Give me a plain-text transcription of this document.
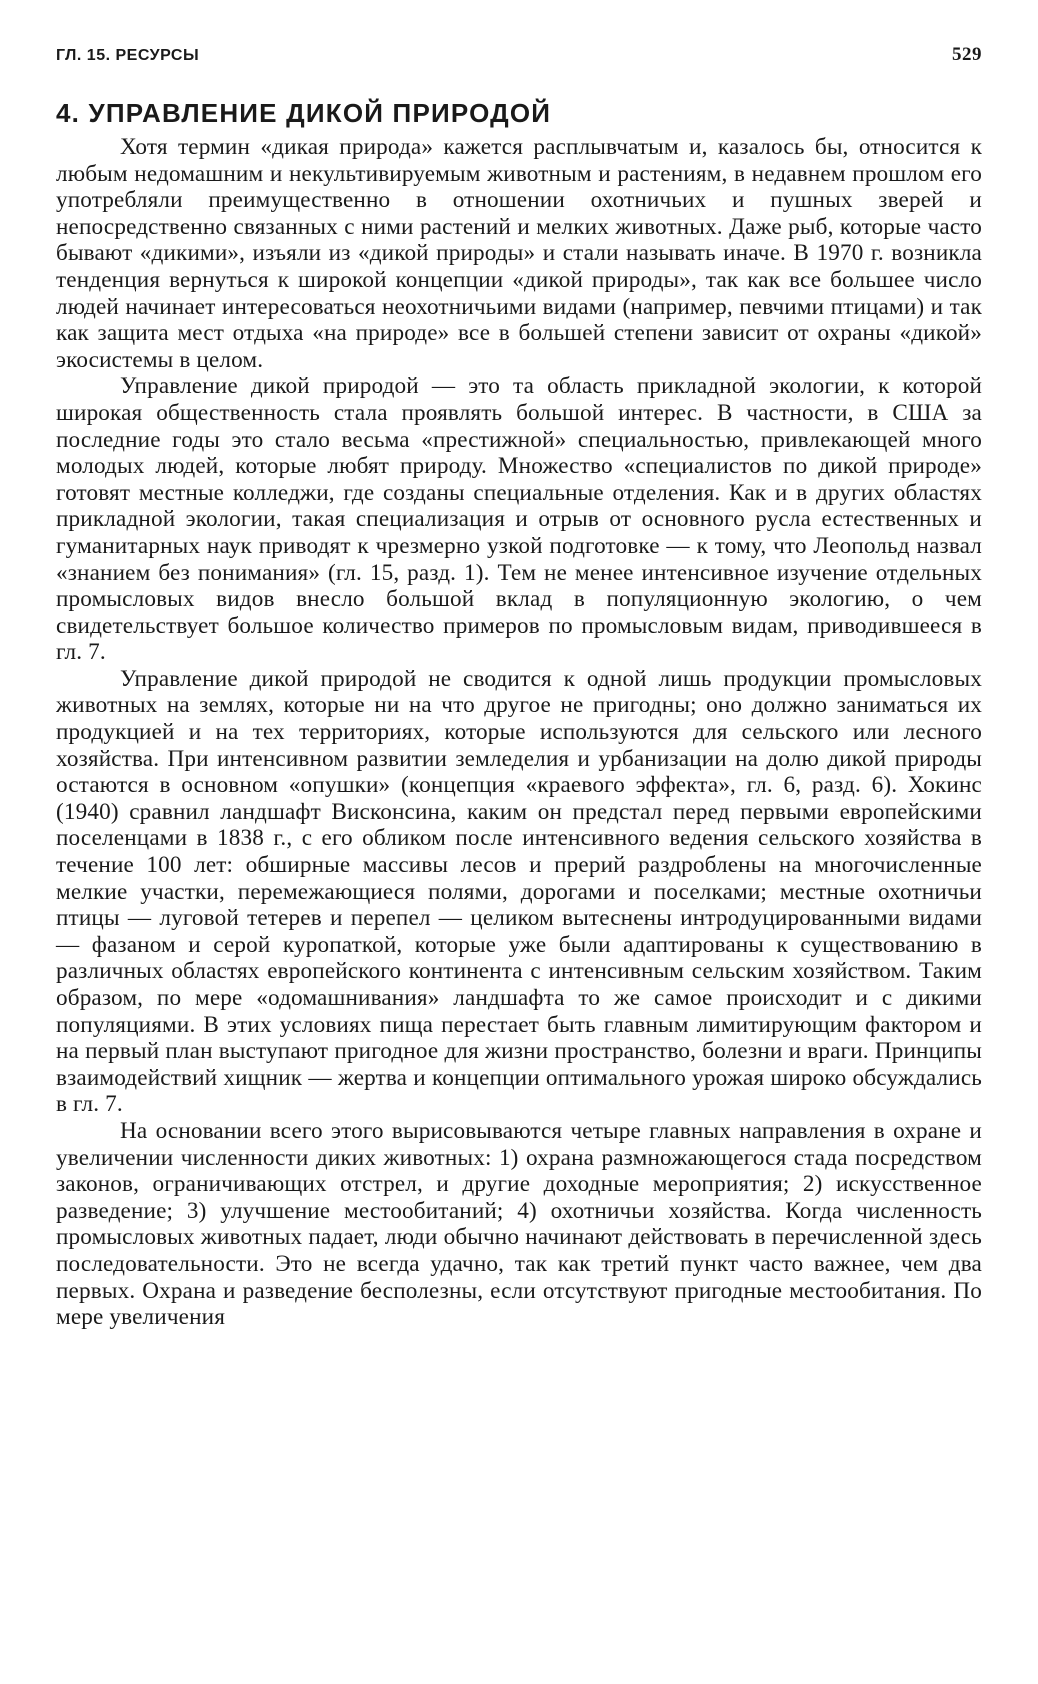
ГЛ. 15. РЕСУРСЫ	529
4. УПРАВЛЕНИЕ ДИКОЙ ПРИРОДОЙ

Хотя термин «дикая природа» кажется расплывчатым и, казалось бы, относится к любым недомашним и некультивируемым животным и растениям, в недавнем прошлом его употребляли преимущественно в отношении охотничьих и пушных зверей и непосредственно связанных с ними растений и мелких животных. Даже рыб, которые часто бывают «дикими», изъяли из «дикой природы» и стали называть иначе. В 1970 г. возникла тенденция вернуться к широкой концепции «дикой природы», так как все большее число людей начинает интересоваться неохотничьими видами (например, певчими птицами) и так как защита мест отдыха «на природе» все в большей степени зависит от охраны «дикой» экосистемы в целом.

Управление дикой природой — это та область прикладной экологии, к которой широкая общественность стала проявлять большой интерес. В частности, в США за последние годы это стало весьма «престижной» специальностью, привлекающей много молодых людей, которые любят природу. Множество «специалистов по дикой природе» готовят местные колледжи, где созданы специальные отделения. Как и в других областях прикладной экологии, такая специализация и отрыв от основного русла естественных и гуманитарных наук приводят к чрезмерно узкой подготовке — к тому, что Леопольд назвал «знанием без понимания» (гл. 15, разд. 1). Тем не менее интенсивное изучение отдельных промысловых видов внесло большой вклад в популяционную экологию, о чем свидетельствует большое количество примеров по промысловым видам, приводившееся в гл. 7.

Управление дикой природой не сводится к одной лишь продукции промысловых животных на землях, которые ни на что другое не пригодны; оно должно заниматься их продукцией и на тех территориях, которые используются для сельского или лесного хозяйства. При интенсивном развитии земледелия и урбанизации на долю дикой природы остаются в основном «опушки» (концепция «краевого эффекта», гл. 6, разд. 6). Хокинс (1940) сравнил ландшафт Висконсина, каким он предстал перед первыми европейскими поселенцами в 1838 г., с его обликом после интенсивного ведения сельского хозяйства в течение 100 лет: обширные массивы лесов и прерий раздроблены на многочисленные мелкие участки, перемежающиеся полями, дорогами и поселками; местные охотничьи птицы — луговой тетерев и перепел — целиком вытеснены интродуцированными видами — фазаном и серой куропаткой, которые уже были адаптированы к существованию в различных областях европейского континента с интенсивным сельским хозяйством. Таким образом, по мере «одомашнивания» ландшафта то же самое происходит и с дикими популяциями. В этих условиях пища перестает быть главным лимитирующим фактором и на первый план выступают пригодное для жизни пространство, болезни и враги. Принципы взаимодействий хищник — жертва и концепции оптимального урожая широко обсуждались в гл. 7.

На основании всего этого вырисовываются четыре главных направления в охране и увеличении численности диких животных: 1) охрана размножающегося стада посредством законов, ограничивающих отстрел, и другие доходные мероприятия; 2) искусственное разведение; 3) улучшение местообитаний; 4) охотничьи хозяйства. Когда численность промысловых животных падает, люди обычно начинают действовать в перечисленной здесь последовательности. Это не всегда удачно, так как третий пункт часто важнее, чем два первых. Охрана и разведение бесполезны, если отсутствуют пригодные местообитания. По мере увеличения
